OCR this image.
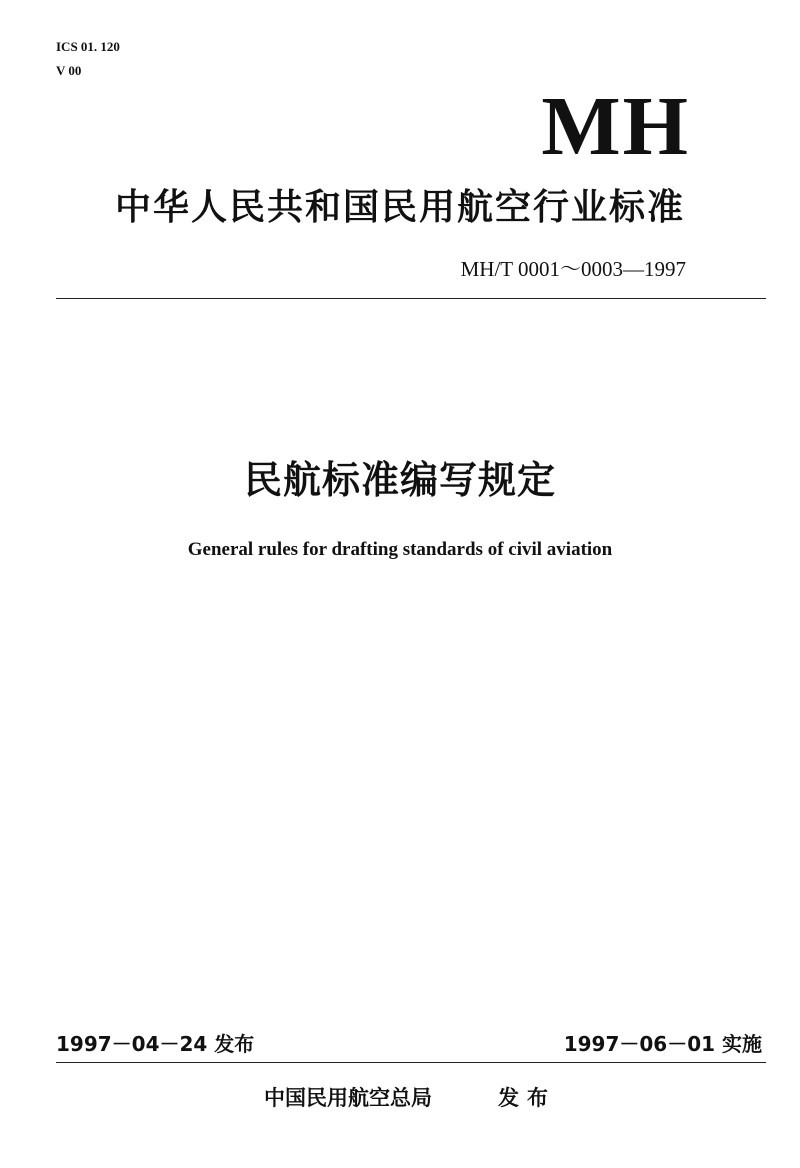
ICS 01. 120
V 00
MH
中华人民共和国民用航空行业标准
MH/T 0001～0003—1997
民航标准编写规定
General rules for drafting standards of civil aviation
1997－04－24 发布	1997－06－01 实施
中国民用航空总局	发布
